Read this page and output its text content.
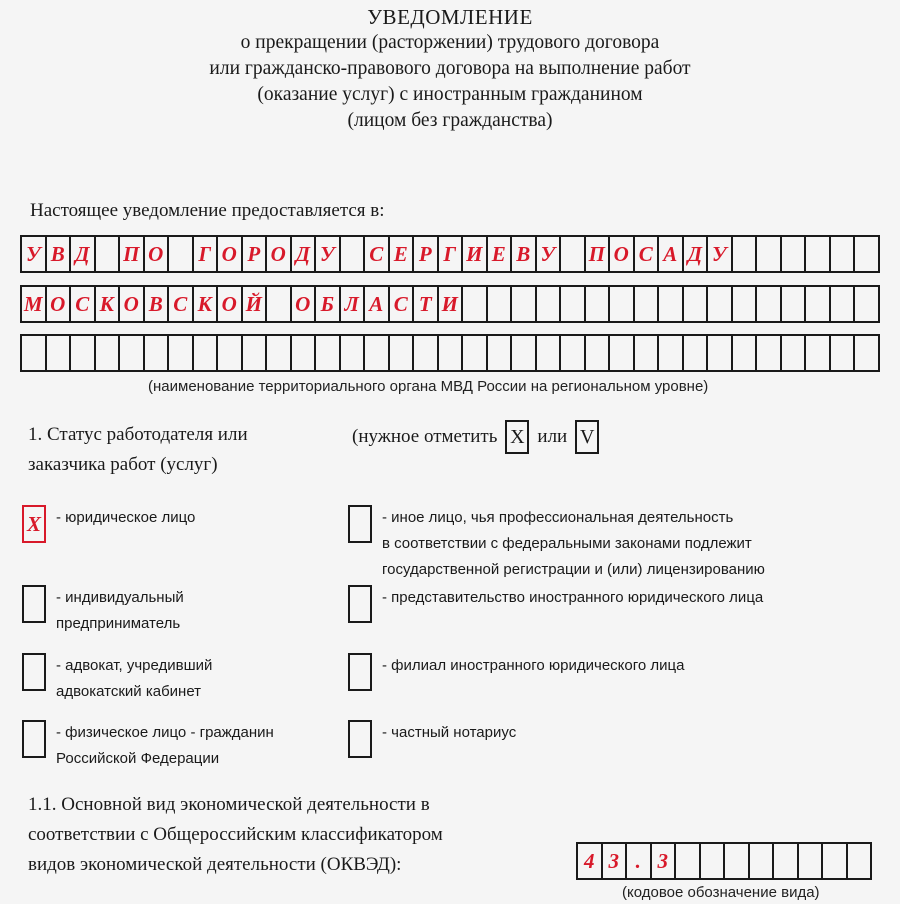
УВЕДОМЛЕНИЕ
о прекращении (расторжении) трудового договора
или гражданско-правового договора на выполнение работ
(оказание услуг) с иностранным гражданином
(лицом без гражданства)
Настоящее уведомление предоставляется в:
У В Д П О Г О Р О Д У С Е Р Г И Е В У П О С А Д У
М О С К О В С К О Й О Б Л А С Т И
(наименование территориального органа МВД России на региональном уровне)
1. Статус работодателя или
заказчика работ (услуг)
(нужное отметить X или V
X	- юридическое лицо
- индивидуальный
предприниматель
- адвокат, учредивший
адвокатский кабинет
- физическое лицо - гражданин
Российской Федерации
- иное лицо, чья профессиональная деятельность
в соответствии с федеральными законами подлежит
государственной регистрации и (или) лицензированию
- представительство иностранного юридического лица
- филиал иностранного юридического лица
- частный нотариус
1.1. Основной вид экономической деятельности в
соответствии с Общероссийским классификатором
видов экономической деятельности (ОКВЭД):	4 3 . 3
(кодовое обозначение вида)
